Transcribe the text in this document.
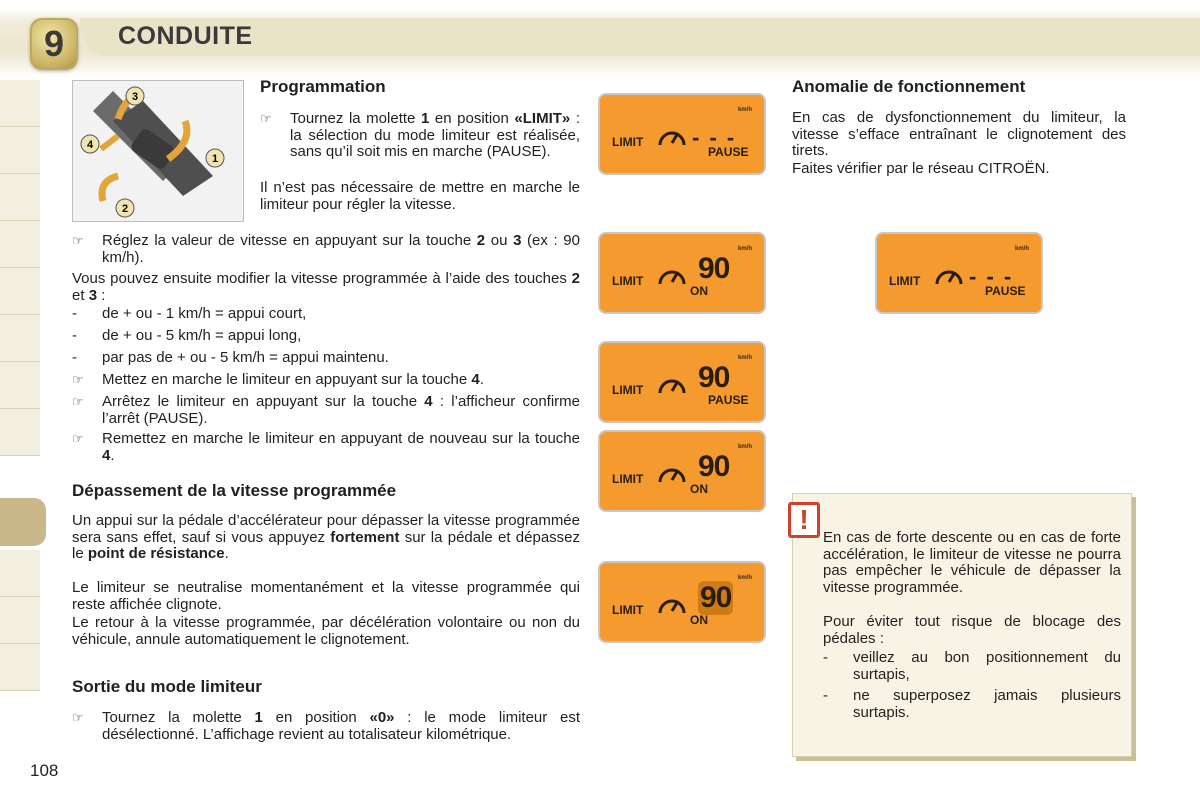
9	CONDUITE
3
1
4
2
Programmation
☞	Tournez la molette 1 en position «LIMIT» : la sélection du mode limiteur est réalisée, sans qu’il soit mis en marche (PAUSE).
Il n’est pas nécessaire de mettre en marche le limiteur pour régler la vitesse.
☞	Réglez la valeur de vitesse en appuyant sur la touche 2 ou 3 (ex : 90 km/h).
Vous pouvez ensuite modifier la vitesse programmée à l’aide des touches 2 et 3 :
-	de + ou - 1 km/h = appui court,
-	de + ou - 5 km/h = appui long,
-	par pas de + ou - 5 km/h = appui maintenu.
☞	Mettez en marche le limiteur en appuyant sur la touche 4.
☞	Arrêtez le limiteur en appuyant sur la touche 4 : l’afficheur confirme l’arrêt (PAUSE).
☞	Remettez en marche le limiteur en appuyant de nouveau sur la touche 4.
Dépassement de la vitesse programmée
Un appui sur la pédale d’accélérateur pour dépasser la vitesse programmée sera sans effet, sauf si vous appuyez fortement sur la pédale et dépassez le point de résistance.
Le limiteur se neutralise momentanément et la vitesse programmée qui reste affichée clignote.
Le retour à la vitesse programmée, par décélération volontaire ou non du véhicule, annule automatiquement le clignotement.
Sortie du mode limiteur
☞	Tournez la molette 1 en position «0» : le mode limiteur est désélectionné. L’affichage revient au totalisateur kilométrique.
108
Anomalie de fonctionnement
En cas de dysfonctionnement du limiteur, la vitesse s’efface entraînant le clignotement des tirets.
Faites vérifier par le réseau CITROËN.
km/h
LIMIT - - -
PAUSE
km/h
LIMIT 90
ON
km/h
LIMIT 90
PAUSE
km/h
LIMIT 90
ON
km/h
LIMIT 90
ON
km/h
LIMIT - - -
PAUSE
En cas de forte descente ou en cas de forte accélération, le limiteur de vitesse ne pourra pas empêcher le véhicule de dépasser la vitesse programmée.
Pour éviter tout risque de blocage des pédales :
-	veillez au bon positionnement du surtapis,
-	ne superposez jamais plusieurs surtapis.
!
